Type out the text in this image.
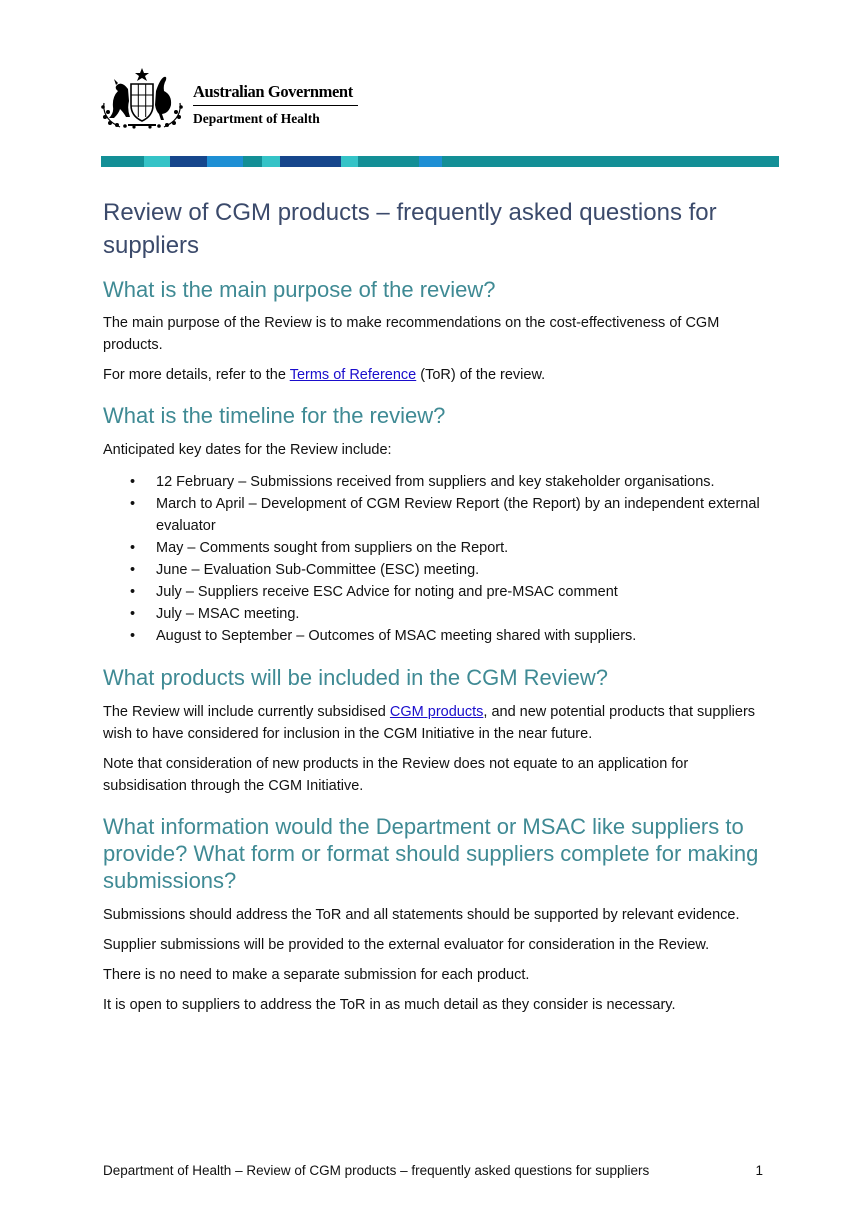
Australian Government
Department of Health
Review of CGM products – frequently asked questions for suppliers
What is the main purpose of the review?

The main purpose of the Review is to make recommendations on the cost-effectiveness of CGM products.

For more details, refer to the Terms of Reference (ToR) of the review.

What is the timeline for the review?

Anticipated key dates for the Review include:

• 12 February – Submissions received from suppliers and key stakeholder organisations.
• March to April – Development of CGM Review Report (the Report) by an independent external evaluator
• May – Comments sought from suppliers on the Report.
• June – Evaluation Sub-Committee (ESC) meeting.
• July – Suppliers receive ESC Advice for noting and pre-MSAC comment
• July – MSAC meeting.
• August to September – Outcomes of MSAC meeting shared with suppliers.
What products will be included in the CGM Review?

The Review will include currently subsidised CGM products, and new potential products that suppliers wish to have considered for inclusion in the CGM Initiative in the near future.

Note that consideration of new products in the Review does not equate to an application for subsidisation through the CGM Initiative.

What information would the Department or MSAC like suppliers to provide? What form or format should suppliers complete for making submissions?

Submissions should address the ToR and all statements should be supported by relevant evidence.

Supplier submissions will be provided to the external evaluator for consideration in the Review.

There is no need to make a separate submission for each product.

It is open to suppliers to address the ToR in as much detail as they consider is necessary.

Department of Health – Review of CGM products – frequently asked questions for suppliers	1
